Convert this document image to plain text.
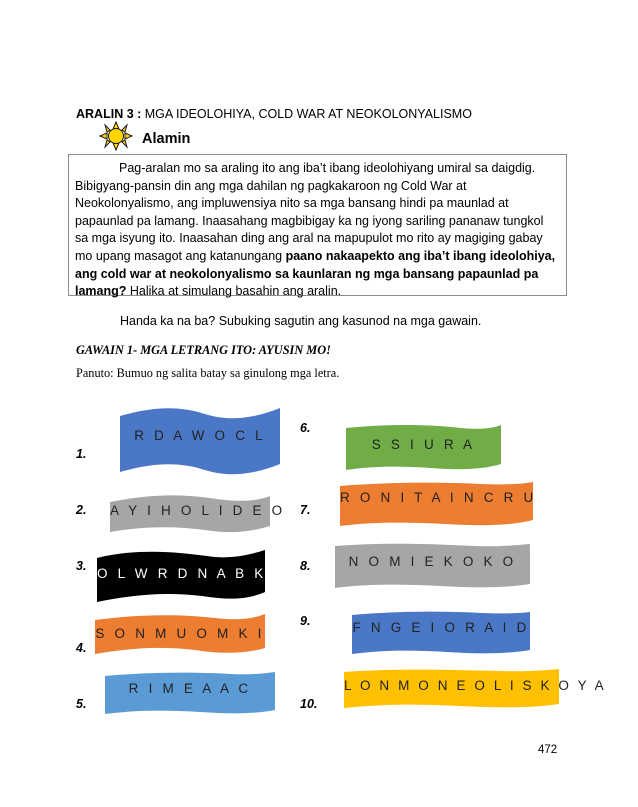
ARALIN 3 : MGA IDEOLOHIYA, COLD WAR AT NEOKOLONYALISMO
Alamin
Pag-aralan mo sa araling ito ang iba’t ibang ideolohiyang umiral sa daigdig. Bibigyang-pansin din ang mga dahilan ng pagkakaroon ng Cold War at Neokolonyalismo, ang impluwensiya nito sa mga bansang hindi pa maunlad at papaunlad pa lamang. Inaasahang magbibigay ka ng iyong sariling pananaw tungkol sa mga isyung ito. Inaasahan ding ang aral na mapupulot mo rito ay magiging gabay mo upang masagot ang katanungang paano nakaapekto ang iba’t ibang ideolohiya, ang cold war at neokolonyalismo sa kaunlaran ng mga bansang papaunlad pa lamang? Halika at simulang basahin ang aralin.
Handa ka na ba? Subuking sagutin ang kasunod na mga gawain.
GAWAIN 1- MGA LETRANG ITO: AYUSIN MO!
Panuto: Bumuo ng salita batay sa ginulong mga letra.
1.
2.
3.
4.
5.
6.
7.
8.
9.
10.
R D A W O C L
A Y I H O L I D E O
O L W R D N A B K
S O N M U O M K I
R I M E A A C
S S I U R A
R O N I T A I N C R U
N O M I E K O K O
F N G E I O R A I D
L O N M O N E O L I S K O Y A
472
